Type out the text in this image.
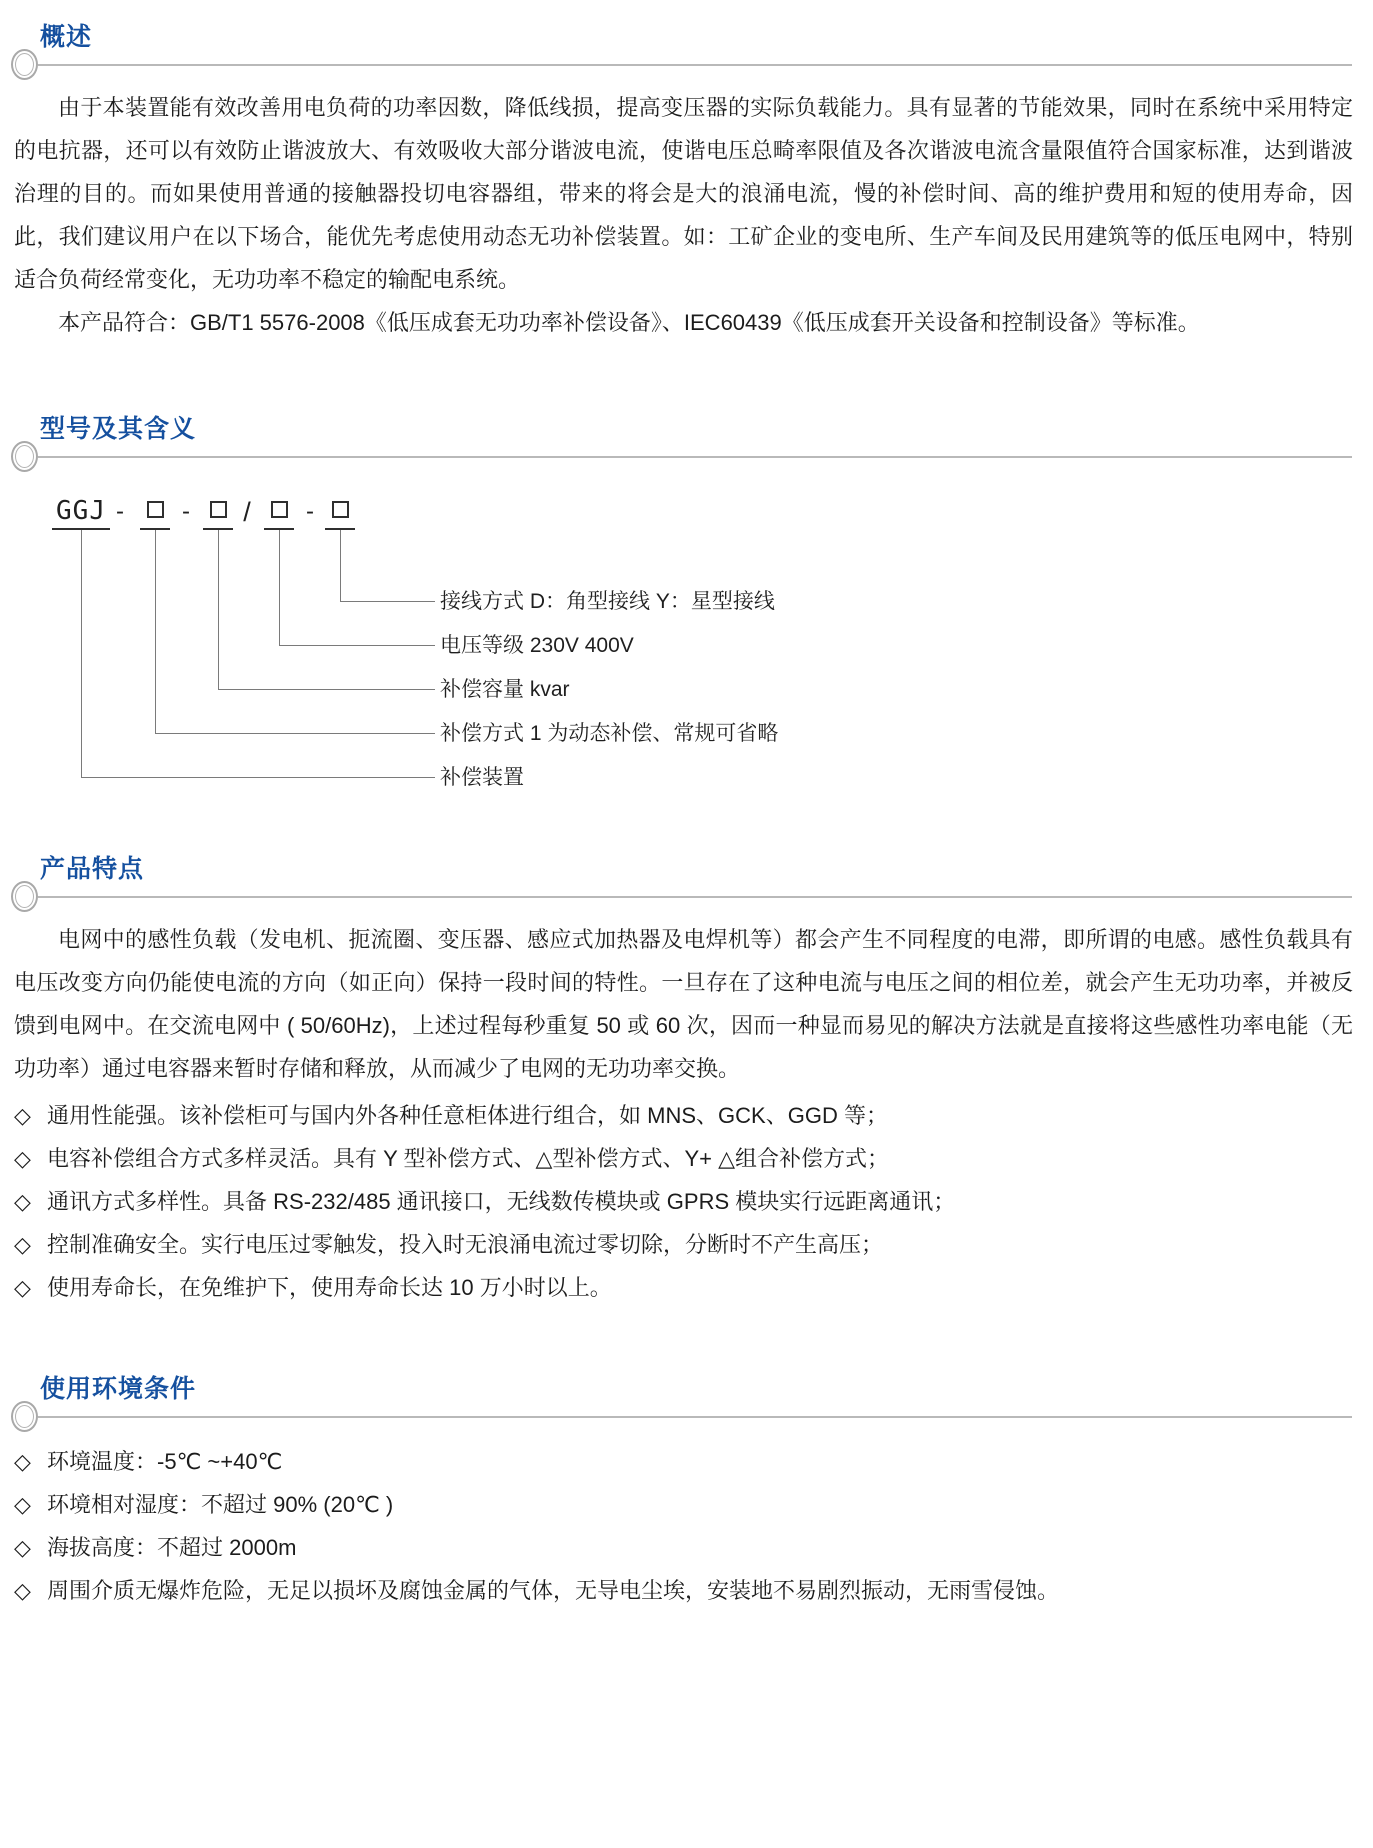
概述

由于本装置能有效改善用电负荷的功率因数，降低线损，提高变压器的实际负载能力。具有显著的节能效果，同时在系统中采用特定的电抗器，还可以有效防止谐波放大、有效吸收大部分谐波电流，使谐电压总畸率限值及各次谐波电流含量限值符合国家标准，达到谐波治理的目的。而如果使用普通的接触器投切电容器组，带来的将会是大的浪涌电流，慢的补偿时间、高的维护费用和短的使用寿命，因此，我们建议用户在以下场合，能优先考虑使用动态无功补偿装置。如：工矿企业的变电所、生产车间及民用建筑等的低压电网中，特别适合负荷经常变化，无功功率不稳定的输配电系统。

本产品符合：GB/T1 5576-2008《低压成套无功功率补偿设备》、IEC60439《低压成套开关设备和控制设备》等标准。

型号及其含义
GGJ - - / -
接线方式 D：角型接线 Y：星型接线
电压等级 230V 400V
补偿容量 kvar
补偿方式 1 为动态补偿、常规可省略
补偿装置
产品特点

电网中的感性负载（发电机、扼流圈、变压器、感应式加热器及电焊机等）都会产生不同程度的电滞，即所谓的电感。感性负载具有电压改变方向仍能使电流的方向（如正向）保持一段时间的特性。一旦存在了这种电流与电压之间的相位差，就会产生无功功率，并被反馈到电网中。在交流电网中 ( 50/60Hz)，上述过程每秒重复 50 或 60 次，因而一种显而易见的解决方法就是直接将这些感性功率电能（无功功率）通过电容器来暂时存储和释放，从而减少了电网的无功功率交换。

◇ 通用性能强。该补偿柜可与国内外各种任意柜体进行组合，如 MNS、GCK、GGD 等；
◇ 电容补偿组合方式多样灵活。具有 Y 型补偿方式、△型补偿方式、Y+ △组合补偿方式；
◇ 通讯方式多样性。具备 RS-232/485 通讯接口，无线数传模块或 GPRS 模块实行远距离通讯；
◇ 控制准确安全。实行电压过零触发，投入时无浪涌电流过零切除，分断时不产生高压；
◇ 使用寿命长，在免维护下，使用寿命长达 10 万小时以上。
使用环境条件
◇ 环境温度：-5℃ ~+40℃
◇ 环境相对湿度：不超过 90% (20℃ )
◇ 海拔高度：不超过 2000m
◇ 周围介质无爆炸危险，无足以损坏及腐蚀金属的气体，无导电尘埃，安装地不易剧烈振动，无雨雪侵蚀。
